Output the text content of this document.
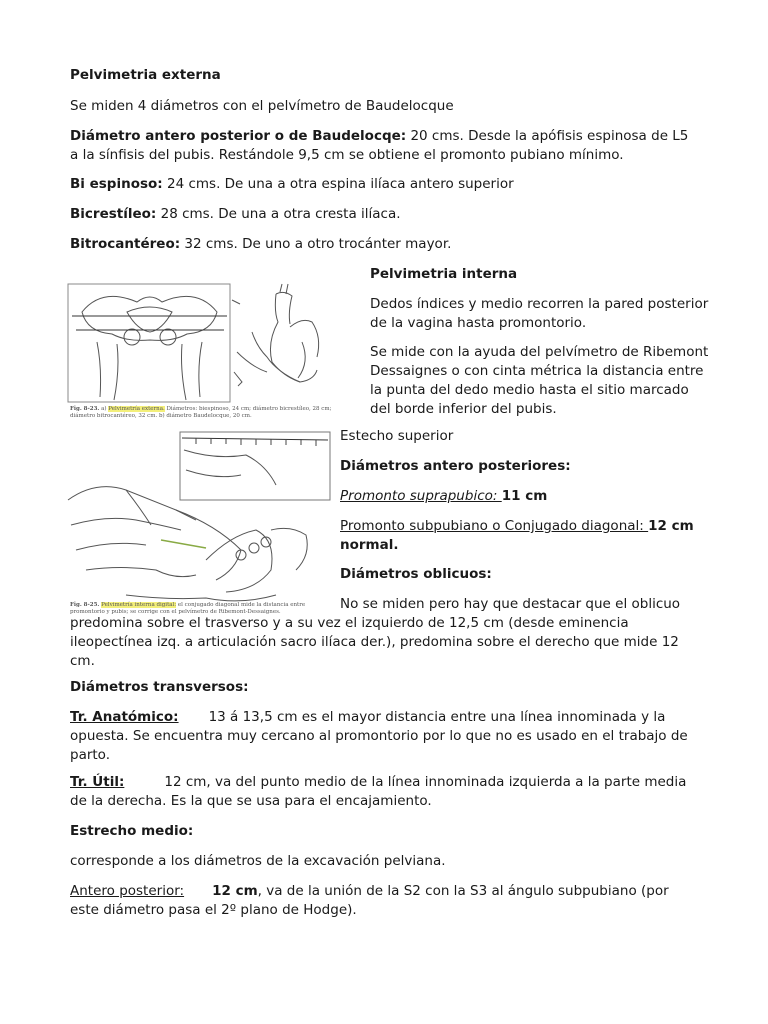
Pelvimetria externa

Se miden 4 diámetros con el pelvímetro de Baudelocque

Diámetro antero posterior o de Baudelocqe: 20 cms. Desde la apófisis espinosa de L5 a la sínfisis del pubis. Restándole 9,5 cm se obtiene el promonto pubiano mínimo.

Bi espinoso: 24 cms. De una a otra espina ilíaca antero superior

Bicrestíleo: 28 cms. De una a otra cresta ilíaca.

Bitrocantéreo: 32 cms. De uno a otro trocánter mayor.

Fig. 8-23. a) Pelvimetría externa. Diámetros: biespinoso, 24 cm; diámetro bicrestíleo, 28 cm; diámetro bitrocantéreo, 32 cm. b) diámetro Baudelocque, 20 cm.

Pelvimetria interna

Dedos índices y medio recorren la pared posterior de la vagina hasta promontorio.

Se mide con la ayuda del pelvímetro de Ribemont Dessaignes o con cinta métrica la distancia entre la punta del dedo medio hasta el sitio marcado del borde inferior del pubis.

Fig. 8-25. Pelvimetría interna digital: el conjugado diagonal mide la distancia entre promontorio y pubis; se corrige con el pelvímetro de Ribemont-Dessaignes.

Estecho superior

Diámetros antero posteriores:

Promonto suprapubico: 11 cm

Promonto subpubiano o Conjugado diagonal: 12 cm normal.

Diámetros oblicuos:

No se miden pero hay que destacar que el oblicuo predomina sobre el trasverso y a su vez el izquierdo de 12,5 cm (desde eminencia ileopectínea izq. a articulación sacro ilíaca der.), predomina sobre el derecho que mide 12 cm.

Diámetros transversos:

Tr. Anatómico: 13 á 13,5 cm es el mayor distancia entre una línea innominada y la opuesta. Se encuentra muy cercano al promontorio por lo que no es usado en el trabajo de parto.

Tr. Útil:	12 cm, va del punto medio de la línea innominada izquierda a la parte media de la derecha. Es la que se usa para el encajamiento.

Estrecho medio:

corresponde a los diámetros de la excavación pelviana.

Antero posterior: 12 cm, va de la unión de la S2 con la S3 al ángulo subpubiano (por este diámetro pasa el 2º plano de Hodge).
